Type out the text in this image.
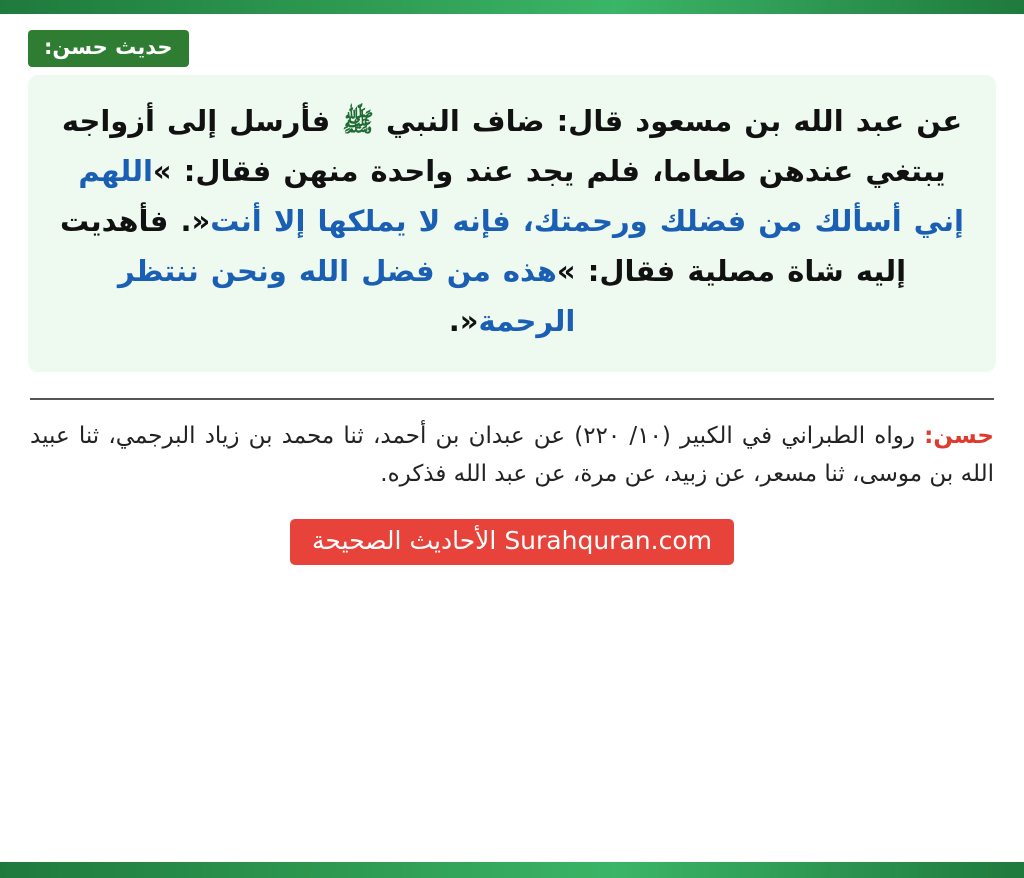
حديث حسن:

عن عبد الله بن مسعود قال: ضاف النبي ﷺ فأرسل إلى أزواجه يبتغي عندهن طعاما، فلم يجد عند واحدة منهن فقال: »اللهم إني أسألك من فضلك ورحمتك، فإنه لا يملكها إلا أنت«. فأهديت إليه شاة مصلية فقال: »هذه من فضل الله ونحن ننتظر الرحمة«.

حسن: رواه الطبراني في الكبير (١٠/ ٢٢٠) عن عبدان بن أحمد، ثنا محمد بن زياد البرجمي، ثنا عبيد الله بن موسى، ثنا مسعر، عن زبيد، عن مرة، عن عبد الله فذكره.

Surahquran.com الأحاديث الصحيحة
